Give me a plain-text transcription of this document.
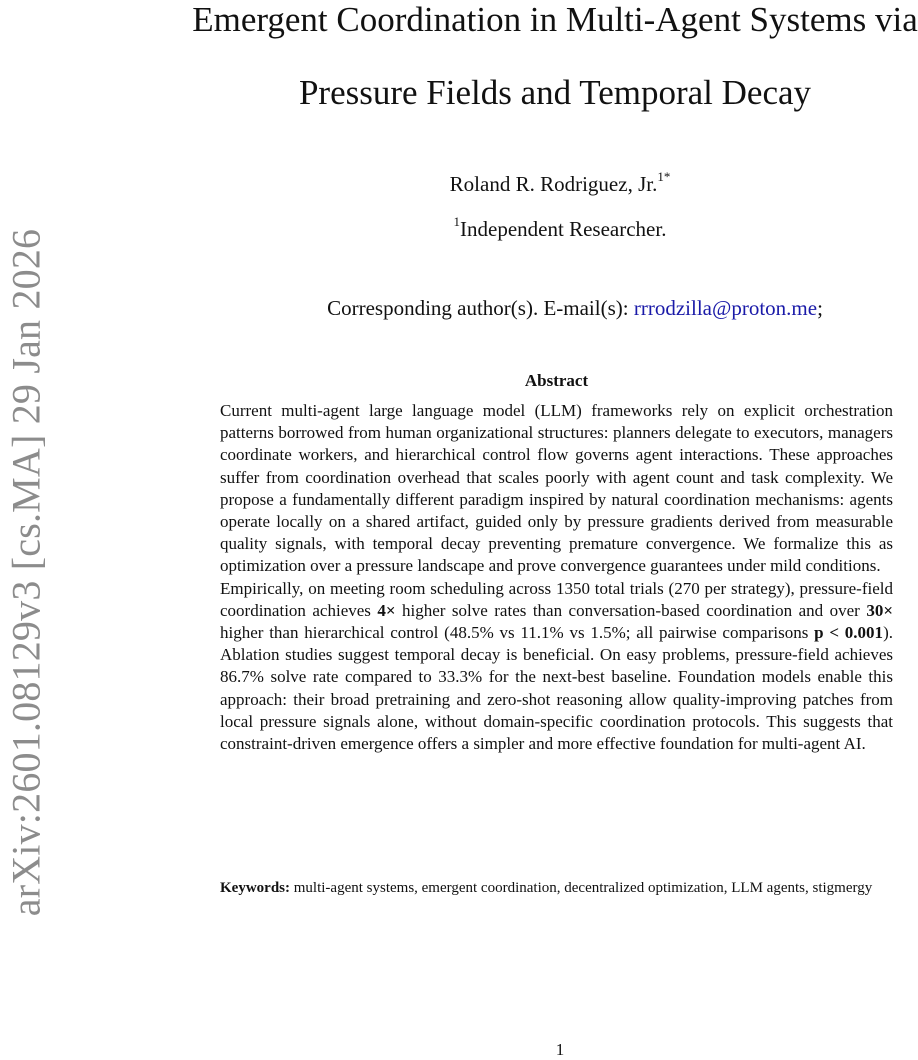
arXiv:2601.08129v3 [cs.MA] 29 Jan 2026
Emergent Coordination in Multi-Agent Systems via
Pressure Fields and Temporal Decay
Roland R. Rodriguez, Jr.$^{1*}$
$^1$Independent Researcher.
Corresponding author(s). E-mail(s): rrrodzilla@proton.me;
Abstract

Current multi-agent large language model (LLM) frameworks rely on explicit orchestration patterns borrowed from human organizational structures: planners delegate to executors, managers coordinate workers, and hierarchical control flow governs agent interactions. These approaches suffer from coordination overhead that scales poorly with agent count and task complexity. We propose a fundamentally different paradigm inspired by natural coordination mechanisms: agents operate locally on a shared artifact, guided only by pressure gradients derived from measurable quality signals, with temporal decay preventing premature convergence. We formalize this as optimization over a pressure landscape and prove convergence guarantees under mild conditions.

Empirically, on meeting room scheduling across 1350 total trials (270 per strategy), pressure-field coordination achieves 4× higher solve rates than conversation-based coordination and over 30× higher than hierarchical control (48.5% vs 11.1% vs 1.5%; all pairwise comparisons p < 0.001). Ablation studies suggest temporal decay is beneficial. On easy problems, pressure-field achieves 86.7% solve rate compared to 33.3% for the next-best baseline. Foundation models enable this approach: their broad pretraining and zero-shot reasoning allow quality-improving patches from local pressure signals alone, without domain-specific coordination protocols. This suggests that constraint-driven emergence offers a simpler and more effective foundation for multi-agent AI.

Keywords: multi-agent systems, emergent coordination, decentralized optimization, LLM agents, stigmergy
1
